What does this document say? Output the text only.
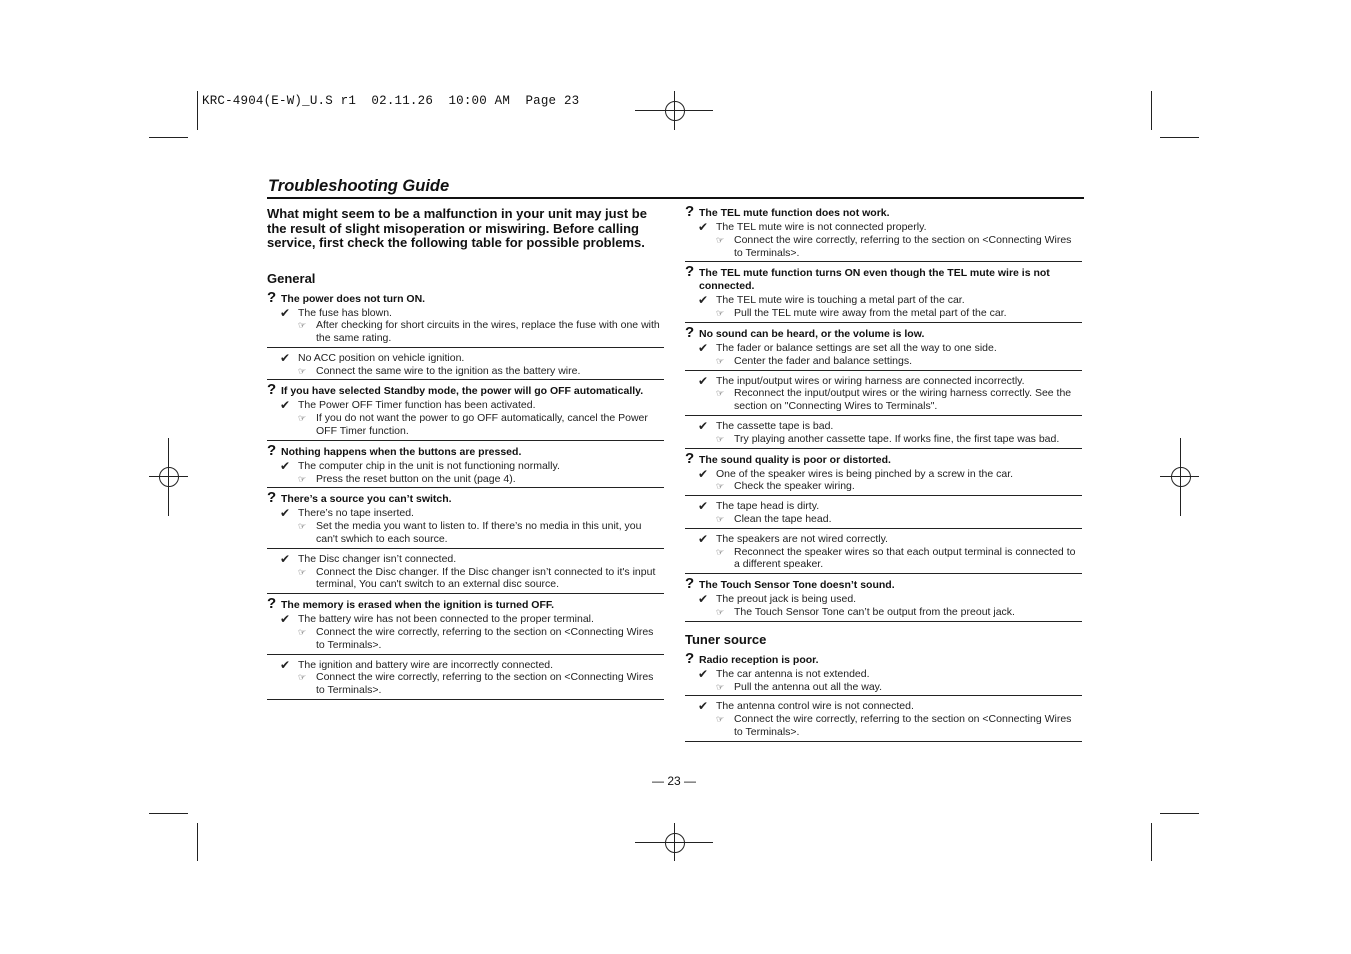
KRC-4904(E-W)_U.S r1  02.11.26  10:00 AM  Page 23
Troubleshooting Guide
What might seem to be a malfunction in your unit may just be the result of slight misoperation or miswiring. Before calling service, first check the following table for possible problems.
General
? The power does not turn ON.
✔ The fuse has blown.
☞ After checking for short circuits in the wires, replace the fuse with one with the same rating.
✔ No ACC position on vehicle ignition.
☞ Connect the same wire to the ignition as the battery wire.
? If you have selected Standby mode, the power will go OFF automatically.
✔ The Power OFF Timer function has been activated.
☞ If you do not want the power to go OFF automatically, cancel the Power OFF Timer function.
? Nothing happens when the buttons are pressed.
✔ The computer chip in the unit is not functioning normally.
☞ Press the reset button on the unit (page 4).
? There’s a source you can’t switch.
✔ There’s no tape inserted.
☞ Set the media you want to listen to. If there’s no media in this unit, you can't swhich to each source.
✔ The Disc changer isn’t connected.
☞ Connect the Disc changer. If the Disc changer isn’t connected to it's input terminal, You can't switch to an external disc source.
? The memory is erased when the ignition is turned OFF.
✔ The battery wire has not been connected to the proper terminal.
☞ Connect the wire correctly, referring to the section on <Connecting Wires to Terminals>.
✔ The ignition and battery wire are incorrectly connected.
☞ Connect the wire correctly, referring to the section on <Connecting Wires to Terminals>.
? The TEL mute function does not work.
✔ The TEL mute wire is not connected properly.
☞ Connect the wire correctly, referring to the section on <Connecting Wires to Terminals>.
? The TEL mute function turns ON even though the TEL mute wire is not connected.
✔ The TEL mute wire is touching a metal part of the car.
☞ Pull the TEL mute wire away from the metal part of the car.
? No sound can be heard, or the volume is low.
✔ The fader or balance settings are set all the way to one side.
☞ Center the fader and balance settings.
✔ The input/output wires or wiring harness are connected incorrectly.
☞ Reconnect the input/output wires or the wiring harness correctly. See the section on "Connecting Wires to Terminals".
✔ The cassette tape is bad.
☞ Try playing another cassette tape. If works fine, the first tape was bad.
? The sound quality is poor or distorted.
✔ One of the speaker wires is being pinched by a screw in the car.
☞ Check the speaker wiring.
✔ The tape head is dirty.
☞ Clean the tape head.
✔ The speakers are not wired correctly.
☞ Reconnect the speaker wires so that each output terminal is connected to a different speaker.
? The Touch Sensor Tone doesn’t sound.
✔ The preout jack is being used.
☞ The Touch Sensor Tone can’t be output from the preout jack.
Tuner source
? Radio reception is poor.
✔ The car antenna is not extended.
☞ Pull the antenna out all the way.
✔ The antenna control wire is not connected.
☞ Connect the wire correctly, referring to the section on <Connecting Wires to Terminals>.
— 23 —
